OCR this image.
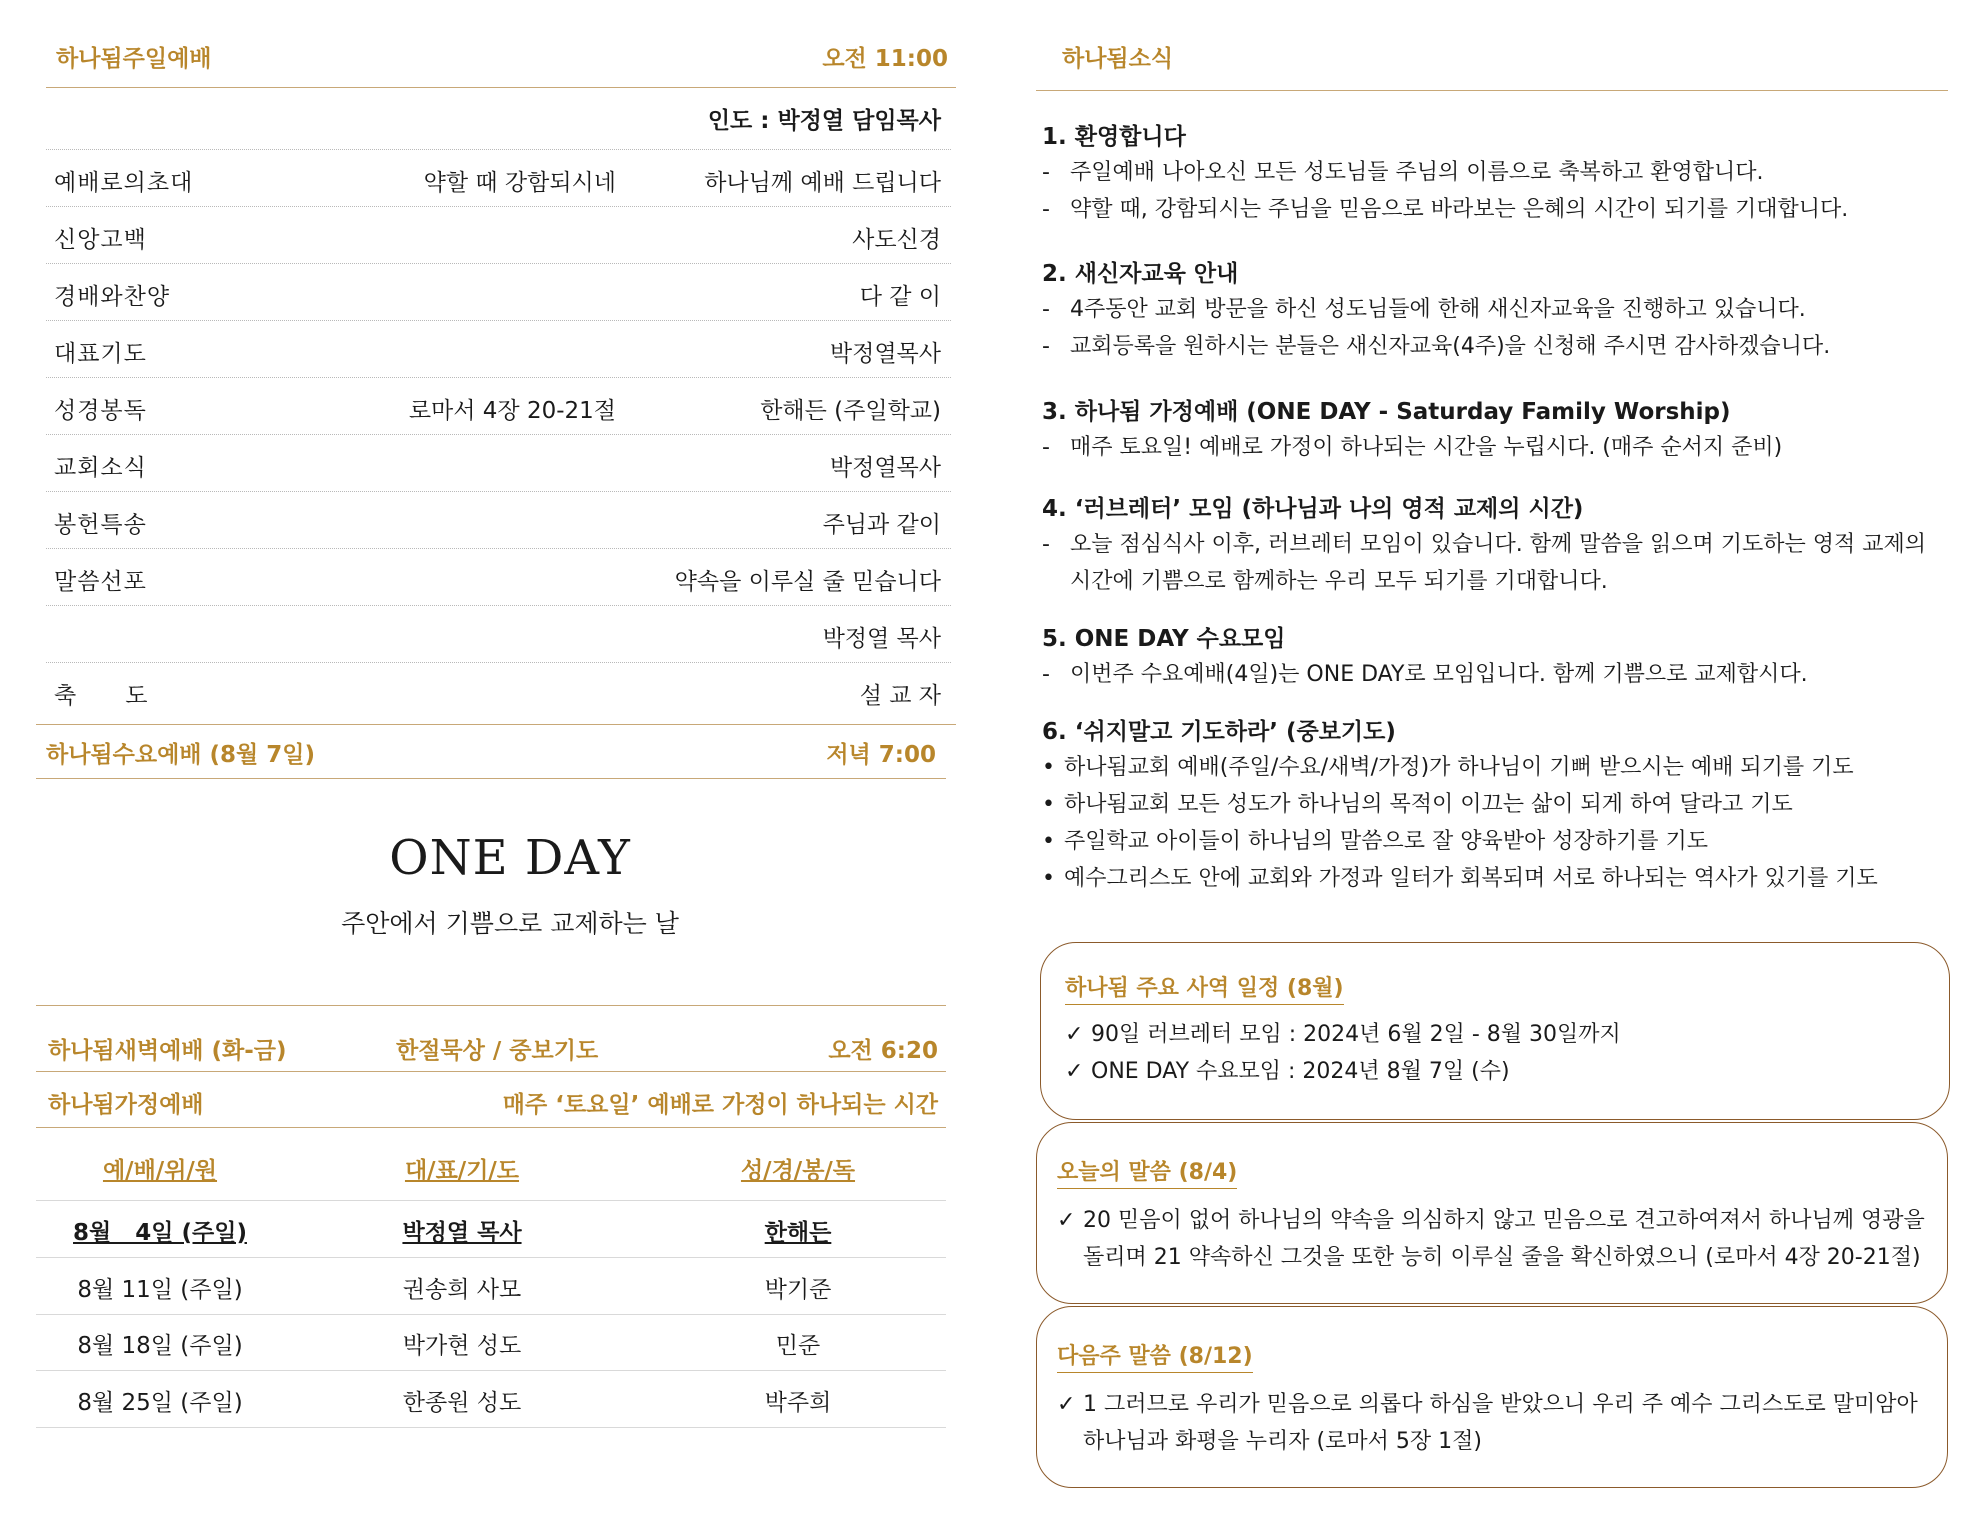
하나됨주일예배	오전 11:00
인도 : 박정열 담임목사
예배로의초대	약할 때 강함되시네	하나님께 예배 드립니다
신앙고백	사도신경
경배와찬양	다 같 이
대표기도	박정열목사
성경봉독	로마서 4장 20-21절	한해든 (주일학교)
교회소식	박정열목사
봉헌특송	주님과 같이
말씀선포	약속을 이루실 줄 믿습니다
박정열 목사
축　　도	설 교 자
하나됨수요예배 (8월 7일)	저녁 7:00
ONE DAY
주안에서 기쁨으로 교제하는 날
하나됨새벽예배 (화-금)	한절묵상 / 중보기도	오전 6:20
하나됨가정예배	매주 ‘토요일’ 예배로 가정이 하나되는 시간
예/배/위/원	대/표/기/도	성/경/봉/독
8월   4일 (주일)	박정열 목사	한해든
8월 11일 (주일)	권송희 사모	박기준
8월 18일 (주일)	박가현 성도	민준
8월 25일 (주일)	한종원 성도	박주희
하나됨소식
1. 환영합니다
- 주일예배 나아오신 모든 성도님들 주님의 이름으로 축복하고 환영합니다.
- 약할 때, 강함되시는 주님을 믿음으로 바라보는 은혜의 시간이 되기를 기대합니다.
2. 새신자교육 안내
- 4주동안 교회 방문을 하신 성도님들에 한해 새신자교육을 진행하고 있습니다.
- 교회등록을 원하시는 분들은 새신자교육(4주)을 신청해 주시면 감사하겠습니다.
3. 하나됨 가정예배 (ONE DAY - Saturday Family Worship)
- 매주 토요일! 예배로 가정이 하나되는 시간을 누립시다. (매주 순서지 준비)
4. ‘러브레터’ 모임 (하나님과 나의 영적 교제의 시간)
- 오늘 점심식사 이후, 러브레터 모임이 있습니다. 함께 말씀을 읽으며 기도하는 영적 교제의
시간에 기쁨으로 함께하는 우리 모두 되기를 기대합니다.
5. ONE DAY 수요모임
- 이번주 수요예배(4일)는 ONE DAY로 모임입니다. 함께 기쁨으로 교제합시다.
6. ‘쉬지말고 기도하라’ (중보기도)
• 하나됨교회 예배(주일/수요/새벽/가정)가 하나님이 기뻐 받으시는 예배 되기를 기도
• 하나됨교회 모든 성도가 하나님의 목적이 이끄는 삶이 되게 하여 달라고 기도
• 주일학교 아이들이 하나님의 말씀으로 잘 양육받아 성장하기를 기도
• 예수그리스도 안에 교회와 가정과 일터가 회복되며 서로 하나되는 역사가 있기를 기도
하나됨 주요 사역 일정 (8월)
✓ 90일 러브레터 모임 : 2024년 6월 2일 - 8월 30일까지
✓ ONE DAY 수요모임 : 2024년 8월 7일 (수)
오늘의 말씀 (8/4)
✓ 20 믿음이 없어 하나님의 약속을 의심하지 않고 믿음으로 견고하여져서 하나님께 영광을
돌리며 21 약속하신 그것을 또한 능히 이루실 줄을 확신하였으니 (로마서 4장 20-21절)
다음주 말씀 (8/12)
✓ 1 그러므로 우리가 믿음으로 의롭다 하심을 받았으니 우리 주 예수 그리스도로 말미암아
하나님과 화평을 누리자 (로마서 5장 1절)
